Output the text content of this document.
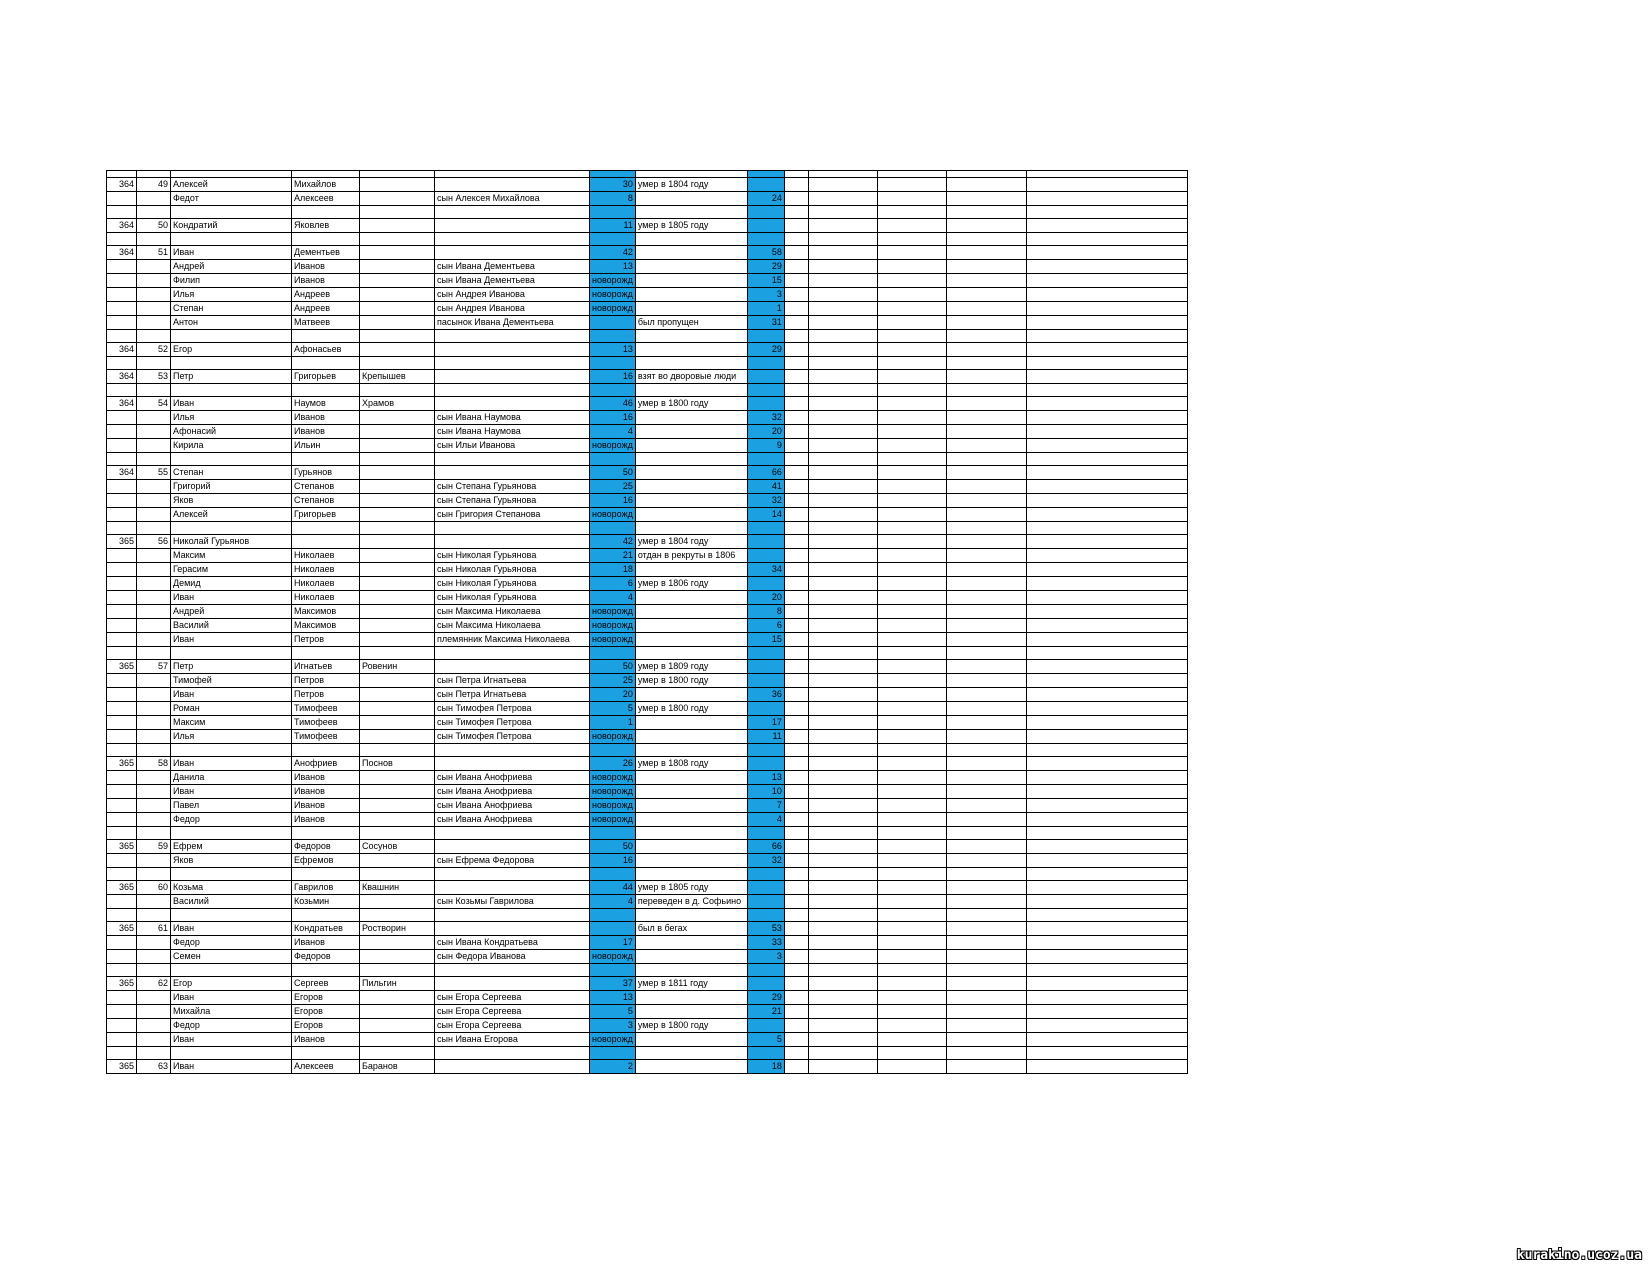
364	49	Алексей	Михайлов			30	умер в 1804 году						
		Федот	Алексеев		сын Алексея Михайлова	8		24					

364	50	Кондратий	Яковлев			11	умер в 1805 году						

364	51	Иван	Дементьев			42		58					
		Андрей	Иванов		сын Ивана Дементьева	13		29					
		Филип	Иванов		сын Ивана Дементьева	новорожд		15					
		Илья	Андреев		сын Андрея Иванова	новорожд		3					
		Степан	Андреев		сын Андрея Иванова	новорожд		1					
		Антон	Матвеев		пасынок Ивана Дементьева		был пропущен	31					

364	52	Егор	Афонасьев			13		29					

364	53	Петр	Григорьев	Крепышев		16	взят во дворовые люди						

364	54	Иван	Наумов	Храмов		46	умер в 1800 году						
		Илья	Иванов		сын Ивана Наумова	16		32					
		Афонасий	Иванов		сын Ивана Наумова	4		20					
		Кирила	Ильин		сын Ильи Иванова	новорожд		9					

364	55	Степан	Гурьянов			50		66					
		Григорий	Степанов		сын Степана Гурьянова	25		41					
		Яков	Степанов		сын Степана Гурьянова	16		32					
		Алексей	Григорьев		сын Григория Степанова	новорожд		14					

365	56	Николай Гурьянов				42	умер в 1804 году						
		Максим	Николаев		сын Николая Гурьянова	21	отдан в рекруты в 1806						
		Герасим	Николаев		сын Николая Гурьянова	18		34					
		Демид	Николаев		сын Николая Гурьянова	6	умер в 1806 году						
		Иван	Николаев		сын Николая Гурьянова	4		20					
		Андрей	Максимов		сын Максима Николаева	новорожд		8					
		Василий	Максимов		сын Максима Николаева	новорожд		6					
		Иван	Петров		племянник Максима Николаева	новорожд		15					

365	57	Петр	Игнатьев	Ровенин		50	умер в 1809 году						
		Тимофей	Петров		сын Петра Игнатьева	25	умер в 1800 году						
		Иван	Петров		сын Петра Игнатьева	20		36					
		Роман	Тимофеев		сын Тимофея Петрова	5	умер в 1800 году						
		Максим	Тимофеев		сын Тимофея Петрова	1		17					
		Илья	Тимофеев		сын Тимофея Петрова	новорожд		11					

365	58	Иван	Анофриев	Поснов		26	умер в 1808 году						
		Данила	Иванов		сын Ивана Анофриева	новорожд		13					
		Иван	Иванов		сын Ивана Анофриева	новорожд		10					
		Павел	Иванов		сын Ивана Анофриева	новорожд		7					
		Федор	Иванов		сын Ивана Анофриева	новорожд		4					

365	59	Ефрем	Федоров	Сосунов		50		66					
		Яков	Ефремов		сын Ефрема Федорова	16		32					

365	60	Козьма	Гаврилов	Квашнин		44	умер в 1805 году						
		Василий	Козьмин		сын Козьмы Гаврилова	4	переведен в д. Софьино						

365	61	Иван	Кондратьев	Ростворин			был в бегах	53					
		Федор	Иванов		сын Ивана Кондратьева	17		33					
		Семен	Федоров		сын Федора Иванова	новорожд		3					

365	62	Егор	Сергеев	Пильгин		37	умер в 1811 году						
		Иван	Егоров		сын Егора Сергеева	13		29					
		Михайла	Егоров		сын Егора Сергеева	5		21					
		Федор	Егоров		сын Егора Сергеева	3	умер в 1800 году						
		Иван	Иванов		сын Ивана Егорова	новорожд		5					

365	63	Иван	Алексеев	Баранов		2		18					
kurakino.ucoz.ua
